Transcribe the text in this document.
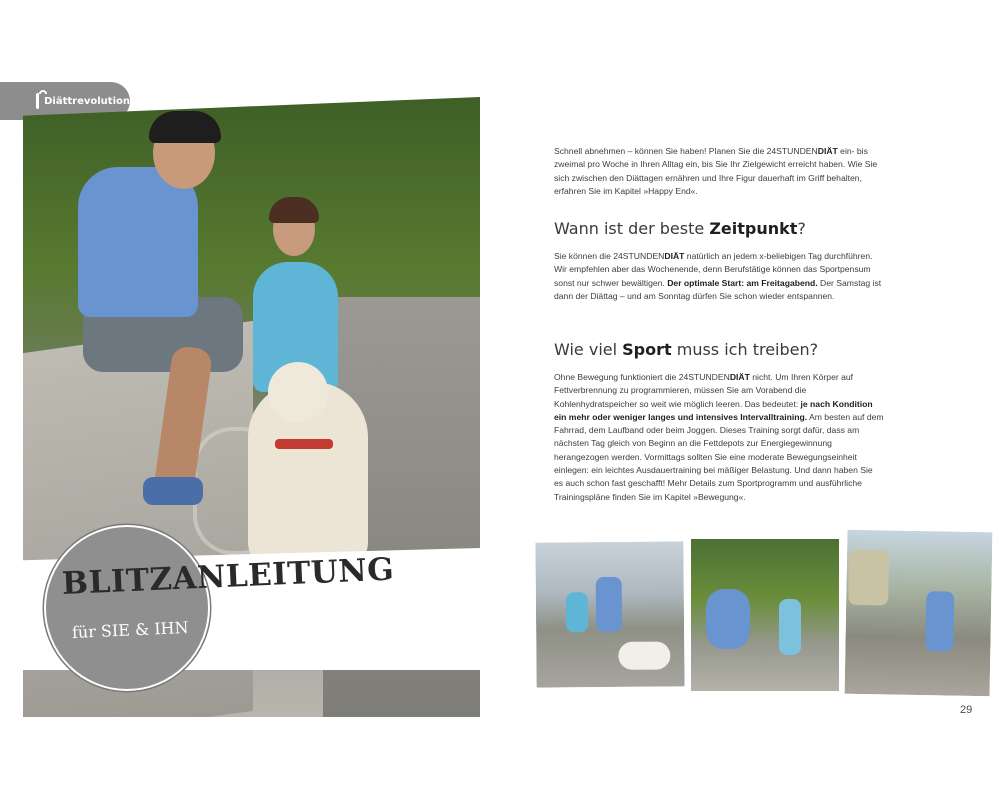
Diättrevolution
BLITZANLEITUNG
für SIE & IHN

Schnell abnehmen – können Sie haben! Planen Sie die 24STUNDENDIÄT ein- bis zweimal pro Woche in Ihren Alltag ein, bis Sie Ihr Zielgewicht erreicht haben. Wie Sie sich zwischen den Diättagen ernähren und Ihre Figur dauerhaft im Griff behalten, erfahren Sie im Kapitel »Happy End«.

Wann ist der beste Zeitpunkt?

Sie können die 24STUNDENDIÄT natürlich an jedem x-beliebigen Tag durchführen. Wir empfehlen aber das Wochenende, denn Berufstätige können das Sportpensum sonst nur schwer bewältigen. Der optimale Start: am Freitagabend. Der Samstag ist dann der Diättag – und am Sonntag dürfen Sie schon wieder entspannen.

Wie viel Sport muss ich treiben?

Ohne Bewegung funktioniert die 24STUNDENDIÄT nicht. Um Ihren Körper auf Fettverbrennung zu programmieren, müssen Sie am Vorabend die Kohlenhydratspeicher so weit wie möglich leeren. Das bedeutet: je nach Kondition ein mehr oder weniger langes und intensives Intervalltraining. Am besten auf dem Fahrrad, dem Laufband oder beim Joggen. Dieses Training sorgt dafür, dass am nächsten Tag gleich von Beginn an die Fettdepots zur Energiegewinnung herangezogen werden. Vormittags sollten Sie eine moderate Bewegungseinheit einlegen: ein leichtes Ausdauertraining bei mäßiger Belastung. Und dann haben Sie es auch schon fast geschafft! Mehr Details zum Sportprogramm und ausführliche Trainingspläne finden Sie im Kapitel »Bewegung«.

29
